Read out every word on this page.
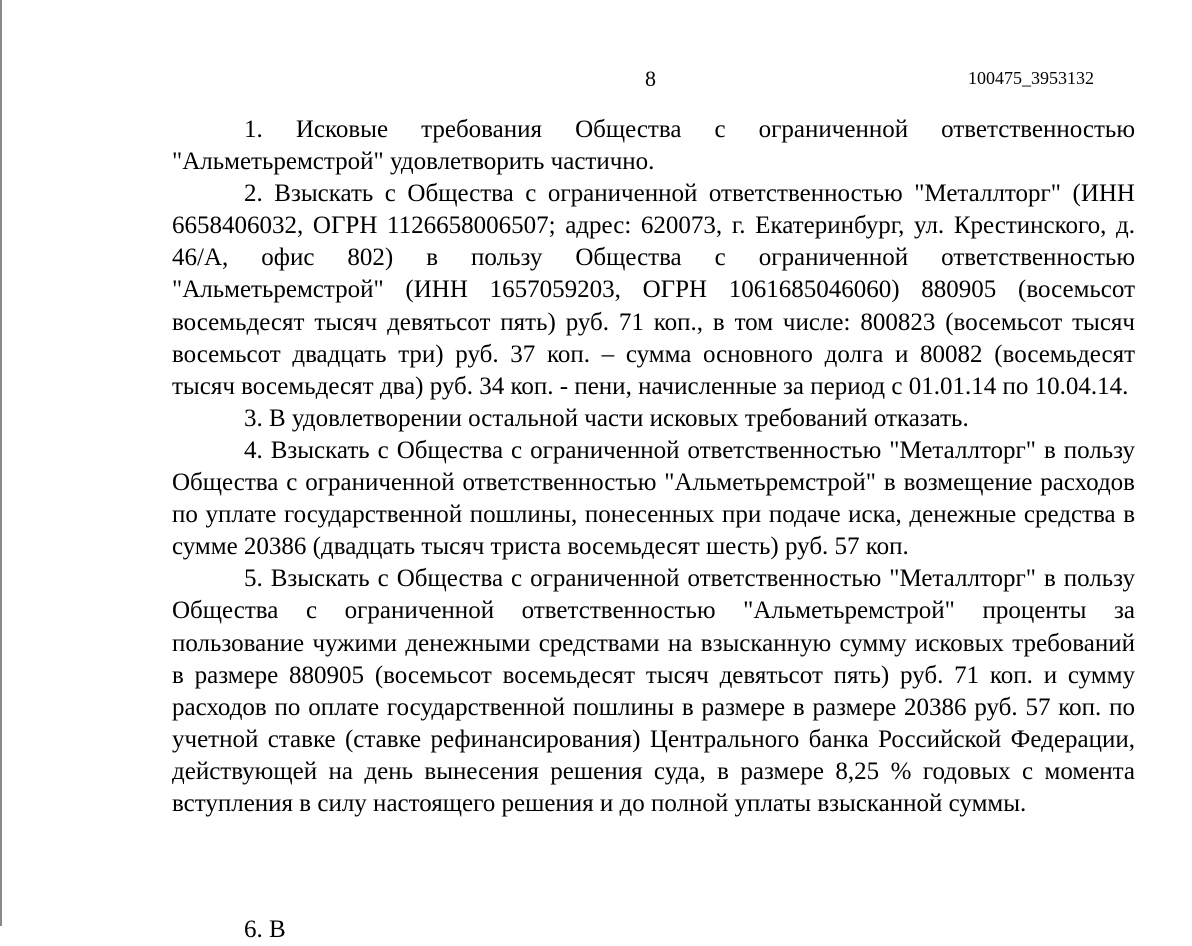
8	100475_3953132

1. Исковые требования Общества с ограниченной ответственностью "Альметьремстрой" удовлетворить частично.

2. Взыскать с Общества с ограниченной ответственностью "Металлторг" (ИНН 6658406032, ОГРН 1126658006507; адрес: 620073, г. Екатеринбург, ул. Крестинского, д. 46/А, офис 802) в пользу Общества с ограниченной ответственностью "Альметьремстрой" (ИНН 1657059203, ОГРН 1061685046060) 880905 (восемьсот восемьдесят тысяч девятьсот пять) руб. 71 коп., в том числе: 800823 (восемьсот тысяч восемьсот двадцать три) руб. 37 коп. – сумма основного долга и 80082 (восемьдесят тысяч восемьдесят два) руб. 34 коп. - пени, начисленные за период с 01.01.14 по 10.04.14.

3. В удовлетворении остальной части исковых требований отказать.

4. Взыскать с Общества с ограниченной ответственностью "Металлторг" в пользу Общества с ограниченной ответственностью "Альметьремстрой" в возмещение расходов по уплате государственной пошлины, понесенных при подаче иска, денежные средства в сумме 20386 (двадцать тысяч триста восемьдесят шесть) руб. 57 коп.

5. Взыскать с Общества с ограниченной ответственностью "Металлторг" в пользу Общества с ограниченной ответственностью "Альметьремстрой" проценты за пользование чужими денежными средствами на взысканную сумму исковых требований в размере 880905 (восемьсот восемьдесят тысяч девятьсот пять) руб. 71 коп. и сумму расходов по оплате государственной пошлины в размере в размере 20386 руб. 57 коп. по учетной ставке (ставке рефинансирования) Центрального банка Российской Федерации, действующей на день вынесения решения суда, в размере 8,25 % годовых с момента вступления в силу настоящего решения и до полной уплаты взысканной суммы.

6. В
